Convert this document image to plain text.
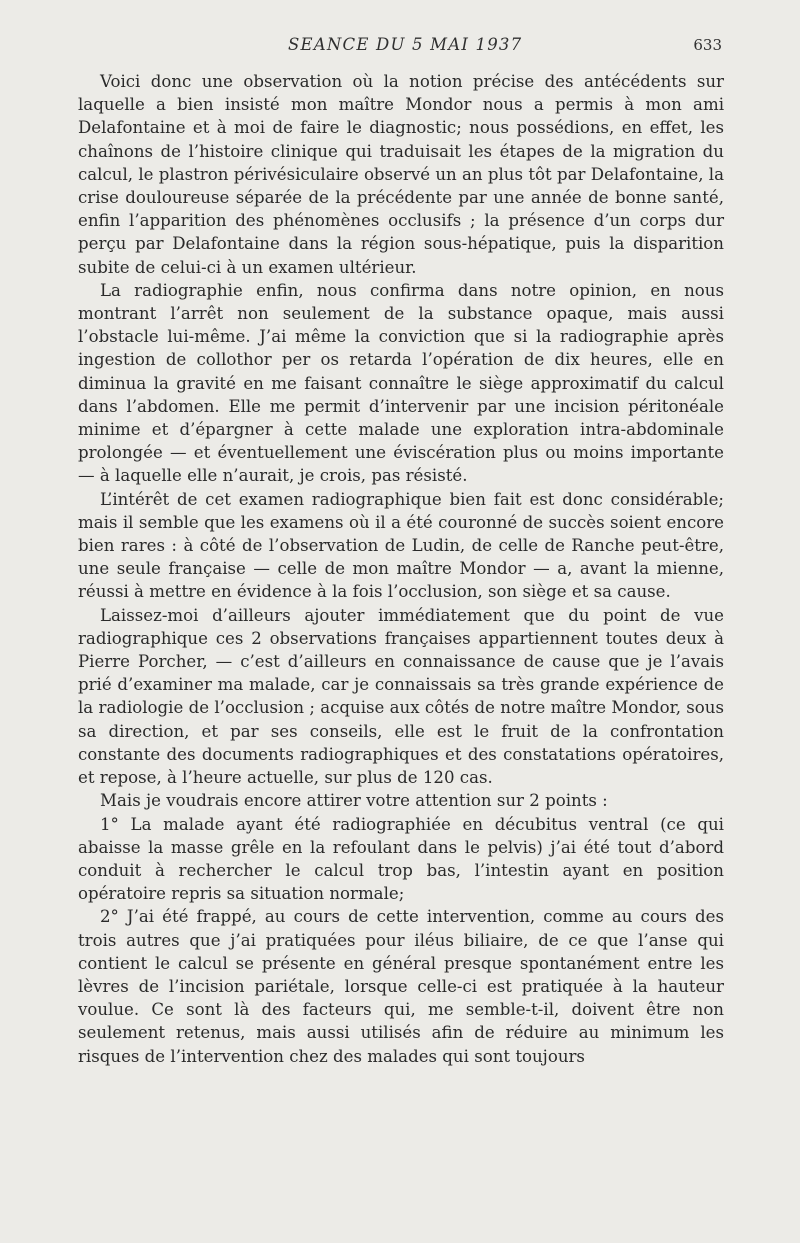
SEANCE DU 5 MAI 1937	633

Voici donc une observation où la notion précise des antécédents sur laquelle a bien insisté mon maître Mondor nous a permis à mon ami Delafontaine et à moi de faire le diagnostic; nous possédions, en effet, les chaînons de l’histoire clinique qui traduisait les étapes de la migration du calcul, le plastron périvésiculaire observé un an plus tôt par Delafontaine, la crise douloureuse séparée de la précédente par une année de bonne santé, enfin l’apparition des phénomènes occlusifs ; la présence d’un corps dur perçu par Delafontaine dans la région sous-hépatique, puis la disparition subite de celui-ci à un examen ultérieur.

La radiographie enfin, nous confirma dans notre opinion, en nous montrant l’arrêt non seulement de la substance opaque, mais aussi l’obstacle lui-même. J’ai même la conviction que si la radiographie après ingestion de collothor per os retarda l’opération de dix heures, elle en diminua la gravité en me faisant connaître le siège approximatif du calcul dans l’abdomen. Elle me permit d’intervenir par une incision péritonéale minime et d’épargner à cette malade une exploration intra-abdominale prolongée — et éventuellement une éviscération plus ou moins importante — à laquelle elle n’aurait, je crois, pas résisté.

L’intérêt de cet examen radiographique bien fait est donc considérable; mais il semble que les examens où il a été couronné de succès soient encore bien rares : à côté de l’observation de Ludin, de celle de Ranche peut-être, une seule française — celle de mon maître Mondor — a, avant la mienne, réussi à mettre en évidence à la fois l’occlusion, son siège et sa cause.

Laissez-moi d’ailleurs ajouter immédiatement que du point de vue radiographique ces 2 observations françaises appartiennent toutes deux à Pierre Porcher, — c’est d’ailleurs en connaissance de cause que je l’avais prié d’examiner ma malade, car je connaissais sa très grande expérience de la radiologie de l’occlusion ; acquise aux côtés de notre maître Mondor, sous sa direction, et par ses conseils, elle est le fruit de la confrontation constante des documents radiographiques et des constatations opératoires, et repose, à l’heure actuelle, sur plus de 120 cas.

Mais je voudrais encore attirer votre attention sur 2 points :

1° La malade ayant été radiographiée en décubitus ventral (ce qui abaisse la masse grêle en la refoulant dans le pelvis) j’ai été tout d’abord conduit à rechercher le calcul trop bas, l’intestin ayant en position opératoire repris sa situation normale;

2° J’ai été frappé, au cours de cette intervention, comme au cours des trois autres que j’ai pratiquées pour iléus biliaire, de ce que l’anse qui contient le calcul se présente en général presque spontanément entre les lèvres de l’incision pariétale, lorsque celle-ci est pratiquée à la hauteur voulue. Ce sont là des facteurs qui, me semble-t-il, doivent être non seulement retenus, mais aussi utilisés afin de réduire au minimum les risques de l’intervention chez des malades qui sont toujours
